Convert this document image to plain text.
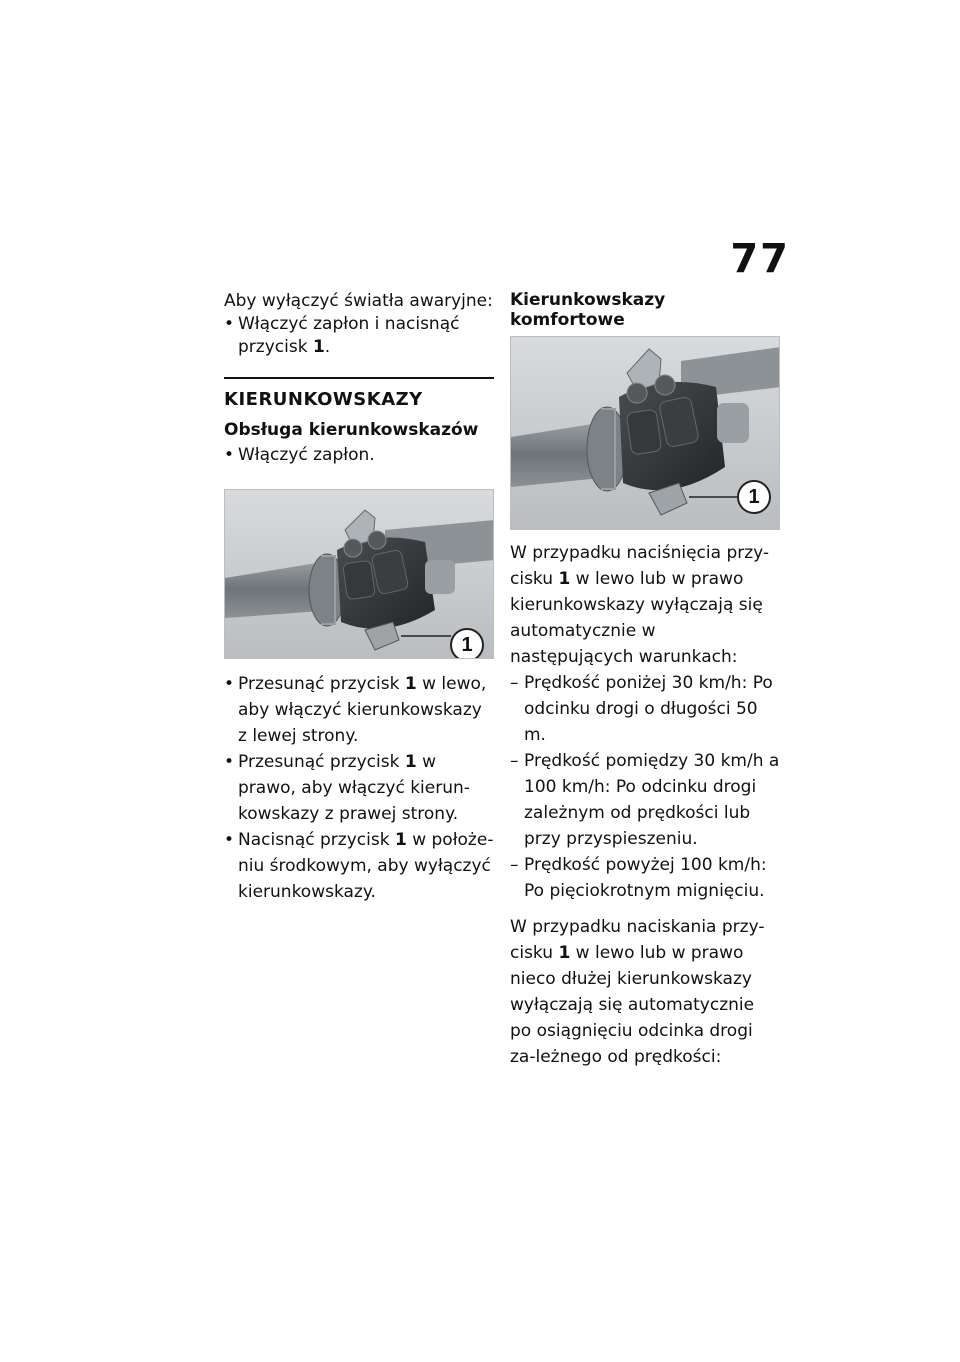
77

Aby wyłączyć światła awaryjne:

• Włączyć zapłon i nacisnąć przycisk 1.
KIERUNKOWSKAZY
Obsługa kierunkowskazów
• Włączyć zapłon.
1
• Przesunąć przycisk 1 w lewo, aby włączyć kierunkowskazy z lewej strony.
• Przesunąć przycisk 1 w prawo, aby włączyć kierun-kowskazy z prawej strony.
• Nacisnąć przycisk 1 w położe-niu środkowym, aby wyłączyć kierunkowskazy.
Kierunkowskazy komfortowe
1

W przypadku naciśnięcia przy-cisku 1 w lewo lub w prawo kierunkowskazy wyłączają się automatycznie w następujących warunkach:

– Prędkość poniżej 30 km/h: Po odcinku drogi o długości 50 m.
– Prędkość pomiędzy 30 km/h a 100 km/h: Po odcinku drogi zależnym od prędkości lub przy przyspieszeniu.
– Prędkość powyżej 100 km/h: Po pięciokrotnym mignięciu.

W przypadku naciskania przy-cisku 1 w lewo lub w prawo nieco dłużej kierunkowskazy wyłączają się automatycznie po osiągnięciu odcinka drogi za-leżnego od prędkości:
